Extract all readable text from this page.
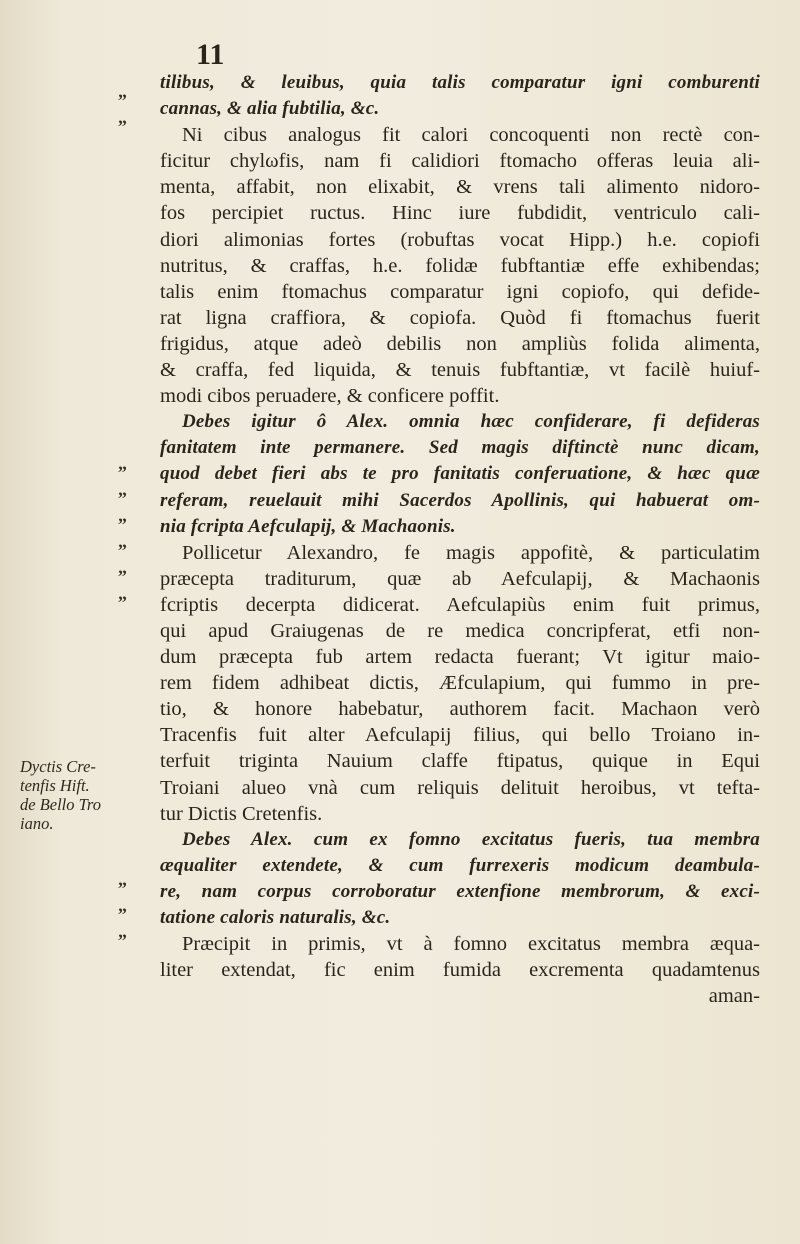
11
tilibus, & leuibus, quia talis comparatur igni comburenti
cannas, & alia fubtilia, &c.
Ni cibus analogus fit calori concoquenti non rectè con-
ficitur chylωfis, nam fi calidiori ftomacho offeras leuia ali-
menta, affabit, non elixabit, & vrens tali alimento nidoro-
fos percipiet ructus. Hinc iure fubdidit, ventriculo cali-
diori alimonias fortes (robuftas vocat Hipp.) h.e. copiofi
nutritus, & craffas, h.e. folidæ fubftantiæ effe exhibendas;
talis enim ftomachus comparatur igni copiofo, qui defide-
rat ligna craffiora, & copiofa. Quòd fi ftomachus fuerit
frigidus, atque adeò debilis non ampliùs folida alimenta,
& craffa, fed liquida, & tenuis fubftantiæ, vt facilè huiuf-
modi cibos peruadere, & conficere poffit.
Debes igitur ô Alex. omnia hæc confiderare, fi defideras
fanitatem inte permanere. Sed magis diftinctè nunc dicam,
quod debet fieri abs te pro fanitatis conferuatione, & hæc quæ
referam, reuelauit mihi Sacerdos Apollinis, qui habuerat om-
nia fcripta Aefculapij, & Machaonis.
Pollicetur Alexandro, fe magis appofitè, & particulatim
præcepta traditurum, quæ ab Aefculapij, & Machaonis
fcriptis decerpta didicerat. Aefculapiùs enim fuit primus,
qui apud Graiugenas de re medica concripferat, etfi non-
dum præcepta fub artem redacta fuerant; Vt igitur maio-
rem fidem adhibeat dictis, Æfculapium, qui fummo in pre-
tio, & honore habebatur, authorem facit. Machaon verò
Tracenfis fuit alter Aefculapij filius, qui bello Troiano in-
terfuit triginta Nauium claffe ftipatus, quique in Equi
Troiani alueo vnà cum reliquis delituit heroibus, vt tefta-
tur Dictis Cretenfis.
Debes Alex. cum ex fomno excitatus fueris, tua membra
æqualiter extendete, & cum furrexeris modicum deambula-
re, nam corpus corroboratur extenfione membrorum, & exci-
tatione caloris naturalis, &c.
Præcipit in primis, vt à fomno excitatus membra æqua-
liter extendat, fic enim fumida excrementa quadamtenus
aman-
Dyctis Cre-
tenfis Hift.
de Bello Tro
iano.
„
„
„
„
„
„
„
„
„
„
„
